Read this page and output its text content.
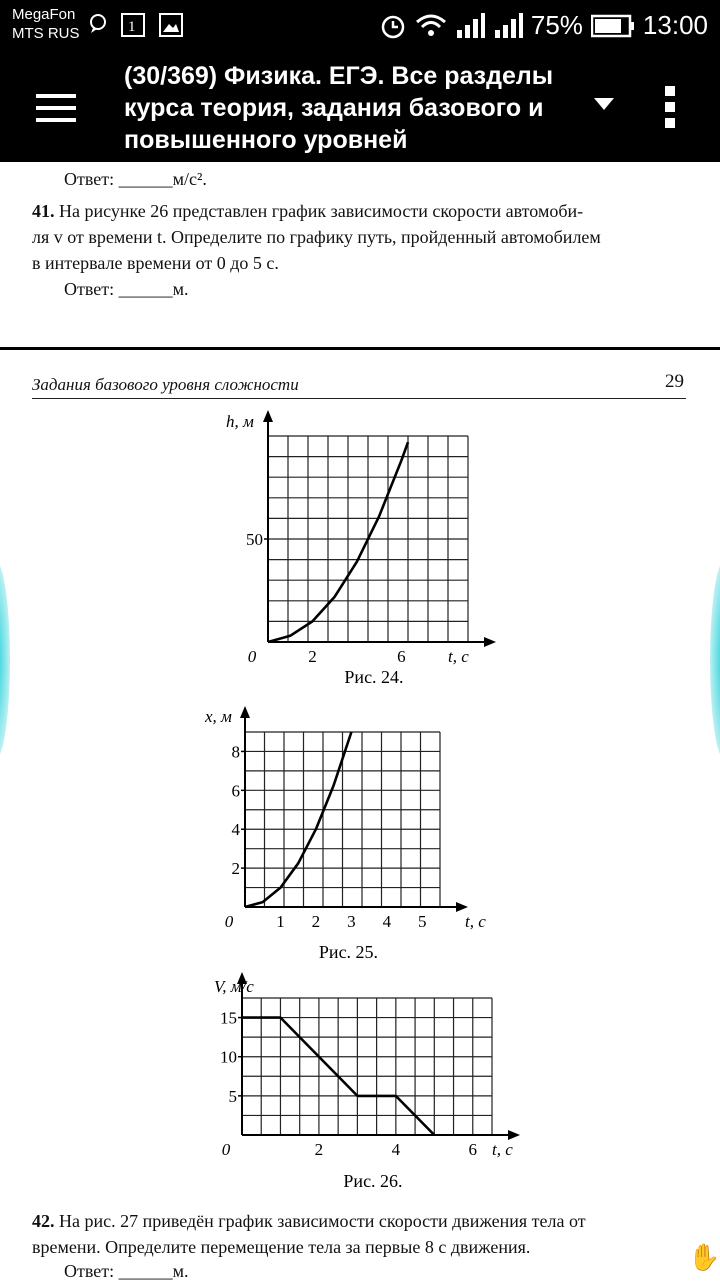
MegaFon
MTS RUS	1	75% 13:00
(30/369) Физика. ЕГЭ. Все разделы курса теория, задания базового и повышенного уровней
Ответ: ______м/с².
41. На рисунке 26 представлен график зависимости скорости автомоби-
ля v от времени t. Определите по графику путь, пройденный автомобилем
в интервале времени от 0 до 5 с.
Ответ: ______м.
Задания базового уровня сложности	29
h, м
t, с
0	2	6
50
Рис. 24.
x, м
t, с
0	1 2 3 4 5
2
4
6
8
Рис. 25.
V, м/с
t, с
0	2	4	6
5
10
15
Рис. 26.
42. На рис. 27 приведён график зависимости скорости движения тела от
времени. Определите перемещение тела за первые 8 с движения.
Ответ: ______м.	✋
